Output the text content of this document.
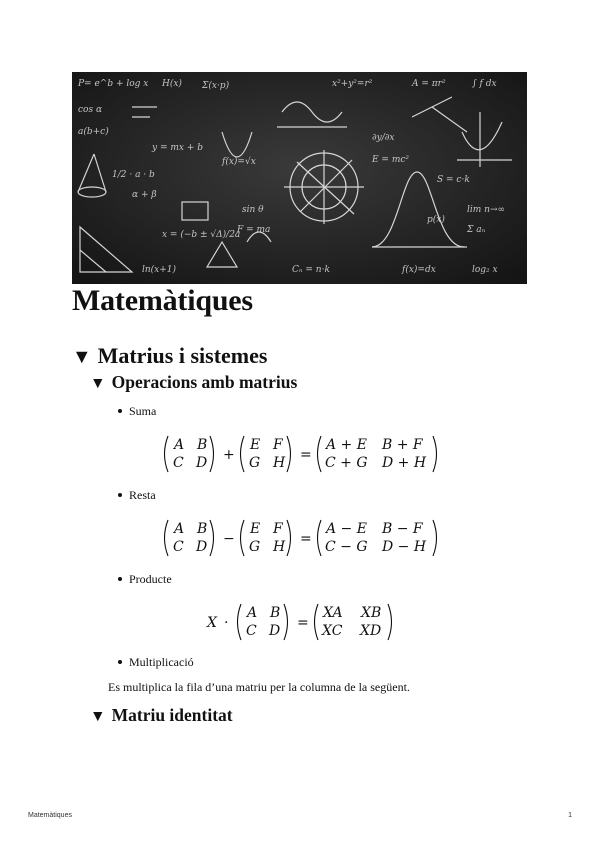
P= e^b + log x H(x) Σ(x·p)	x²+y²=r²	A = πr²	∫ f dx
cos α
a(b+c)
y = mx + b
f(x)=√x
∂y/∂x
E = mc²
S = c·k
lim n→∞
Σ aₙ
α + β
x = (−b ± √Δ)/2a
sin θ
F = ma
1/2 · a · b
Cₙ = n·k	f(x)=dx	log₂ x
p(x)
ln(x+1)
Matemàtiques
▼ Matrius i sistemes
▼ Operacions amb matrius
Suma
A B
C D +
E F
G H =
A + E B + F
C + G D + H
Resta
A B
C D −
E F
G H =
A − E B − F
C − G D − H
Producte
X ·
A B
C D =
XA XB
XC XD
Multiplicació
Es multiplica la fila d’una matriu per la columna de la següent.
▼ Matriu identitat
Matemàtiques	1
